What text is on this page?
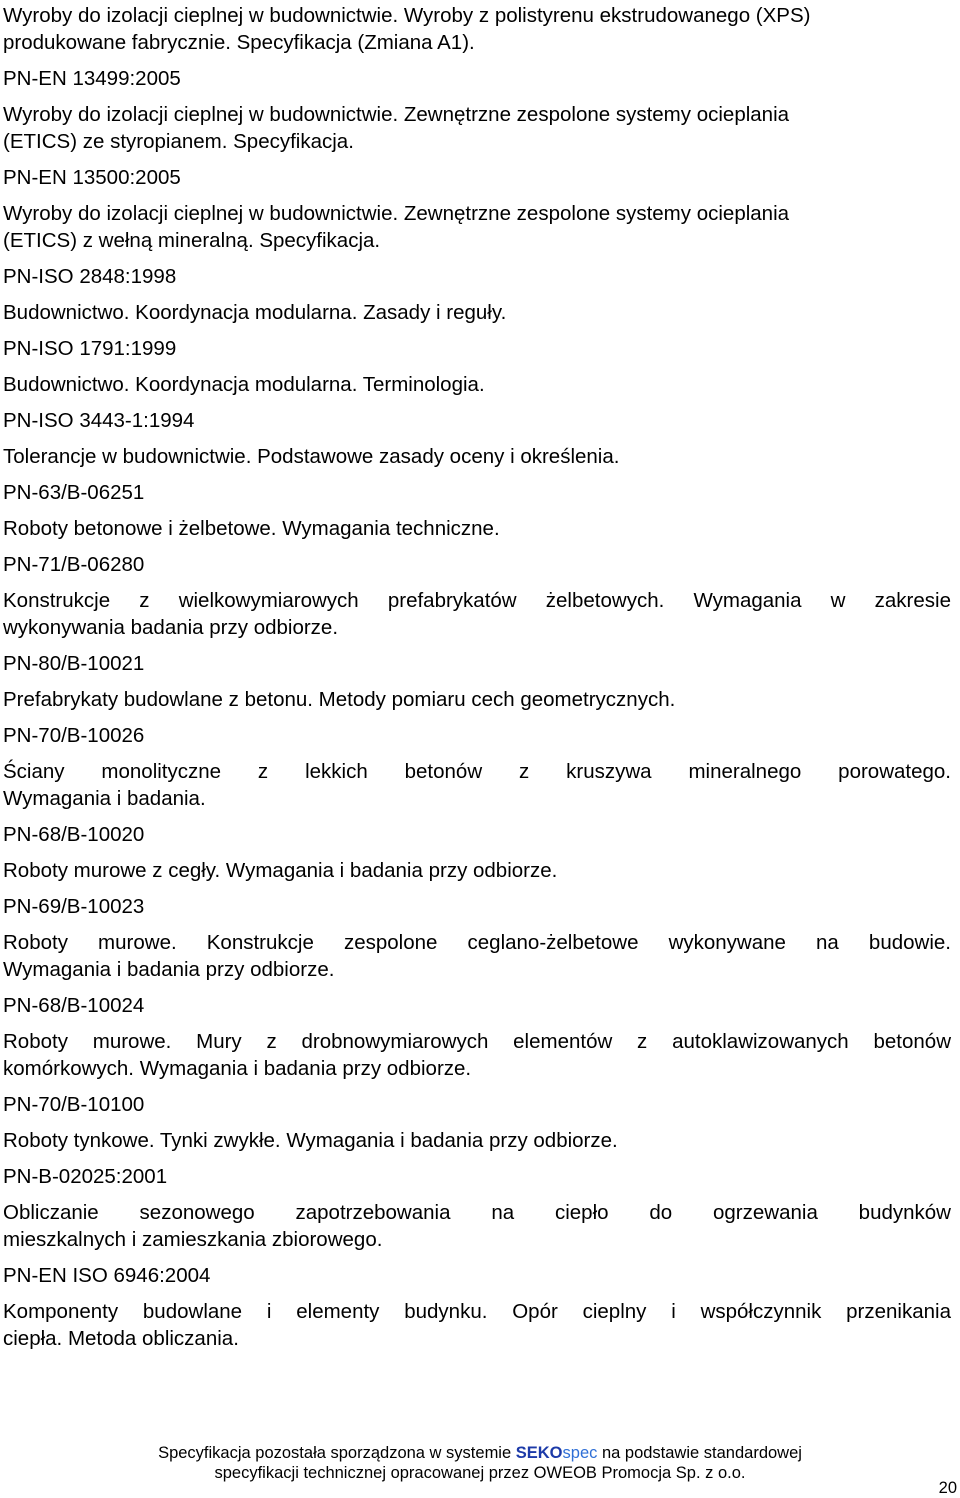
Wyroby do izolacji cieplnej w budownictwie. Wyroby z polistyrenu ekstrudowanego (XPS)
produkowane fabrycznie. Specyfikacja (Zmiana A1).
PN-EN 13499:2005
Wyroby do izolacji cieplnej w budownictwie. Zewnętrzne zespolone systemy ocieplania
(ETICS) ze styropianem. Specyfikacja.
PN-EN 13500:2005
Wyroby do izolacji cieplnej w budownictwie. Zewnętrzne zespolone systemy ocieplania
(ETICS) z wełną mineralną. Specyfikacja.
PN-ISO 2848:1998
Budownictwo. Koordynacja modularna. Zasady i reguły.
PN-ISO 1791:1999
Budownictwo. Koordynacja modularna. Terminologia.
PN-ISO 3443-1:1994
Tolerancje w budownictwie. Podstawowe zasady oceny i określenia.
PN-63/B-06251
Roboty betonowe i żelbetowe. Wymagania techniczne.
PN-71/B-06280
Konstrukcje z wielkowymiarowych prefabrykatów żelbetowych. Wymagania w zakresie
wykonywania badania przy odbiorze.
PN-80/B-10021
Prefabrykaty budowlane z betonu. Metody pomiaru cech geometrycznych.
PN-70/B-10026
Ściany monolityczne z lekkich betonów z kruszywa mineralnego porowatego.
Wymagania i badania.
PN-68/B-10020
Roboty murowe z cegły. Wymagania i badania przy odbiorze.
PN-69/B-10023
Roboty murowe. Konstrukcje zespolone ceglano-żelbetowe wykonywane na budowie.
Wymagania i badania przy odbiorze.
PN-68/B-10024
Roboty murowe. Mury z drobnowymiarowych elementów z autoklawizowanych betonów
komórkowych. Wymagania i badania przy odbiorze.
PN-70/B-10100
Roboty tynkowe. Tynki zwykłe. Wymagania i badania przy odbiorze.
PN-B-02025:2001
Obliczanie sezonowego zapotrzebowania na ciepło do ogrzewania budynków
mieszkalnych i zamieszkania zbiorowego.
PN-EN ISO 6946:2004
Komponenty budowlane i elementy budynku. Opór cieplny i współczynnik przenikania
ciepła. Metoda obliczania.
Specyfikacja pozostała sporządzona w systemie SEKOspec na podstawie standardowej
specyfikacji technicznej opracowanej przez OWEOB Promocja Sp. z o.o.
20
